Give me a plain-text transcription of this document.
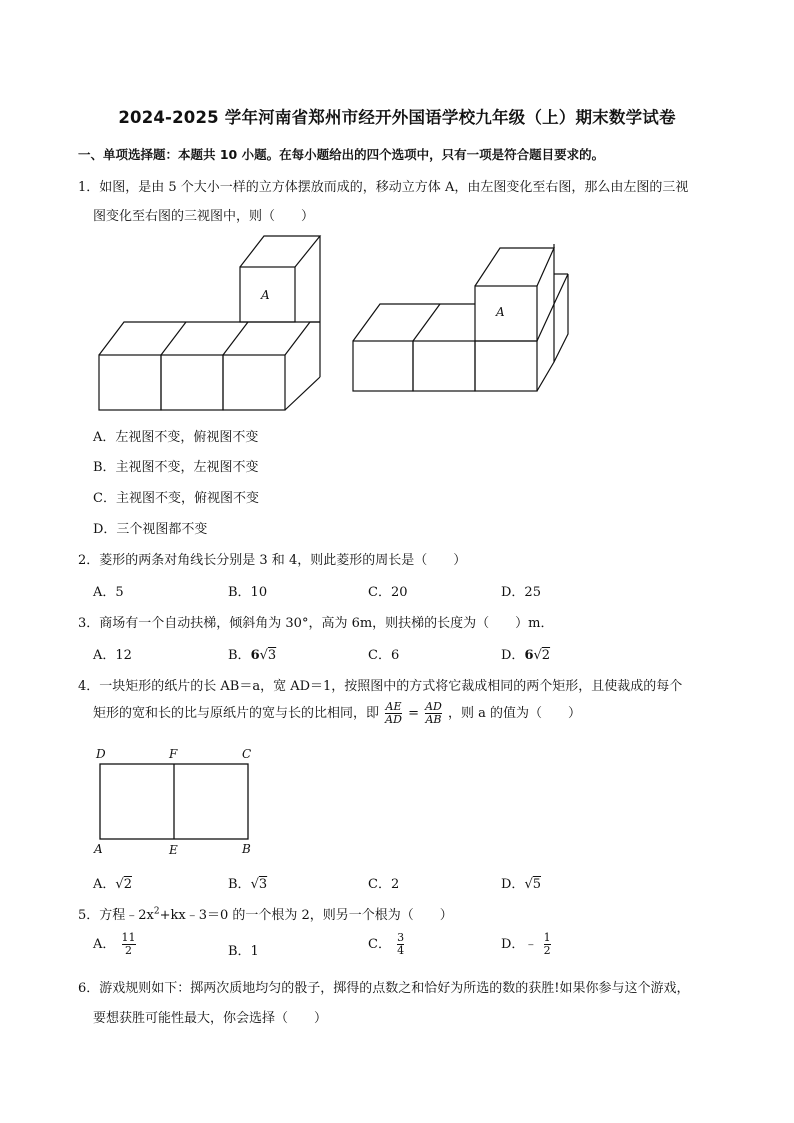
2024-2025 学年河南省郑州市经开外国语学校九年级（上）期末数学试卷
一、单项选择题：本题共 10 小题。在每小题给出的四个选项中，只有一项是符合题目要求的。
1．如图，是由 5 个大小一样的立方体摆放而成的，移动立方体 A，由左图变化至右图，那么由左图的三视
图变化至右图的三视图中，则（　　）
A
A
A．左视图不变，俯视图不变
B．主视图不变，左视图不变
C．主视图不变，俯视图不变
D．三个视图都不变
2．菱形的两条对角线长分别是 3 和 4，则此菱形的周长是（　　）
A．5	B．10	C．20	D．25
3．商场有一个自动扶梯，倾斜角为 30°，高为 6m，则扶梯的长度为（　　）m．
A．12	B．6√3	C．6	D．6√2
4．一块矩形的纸片的长 AB＝a，宽 AD＝1，按照图中的方式将它裁成相同的两个矩形，且使裁成的每个
矩形的宽和长的比与原纸片的宽与长的比相同，即 $\frac{AE}{AD} = \frac{AD}{AB}$ ，则 a 的值为（　　）
D	F	C
A	E	B
A．√2	B．√3	C．2	D．√5
5．方程$﹣2x^2+kx﹣3=0$ 的一个根为 2，则另一个根为（　　）
A． $\frac{11}{2}$	B．1	C． $\frac{3}{4}$	D．﹣ $\frac{1}{2}$
6．游戏规则如下：掷两次质地均匀的骰子，掷得的点数之和恰好为所选的数的获胜!如果你参与这个游戏，
要想获胜可能性最大，你会选择（　　）
